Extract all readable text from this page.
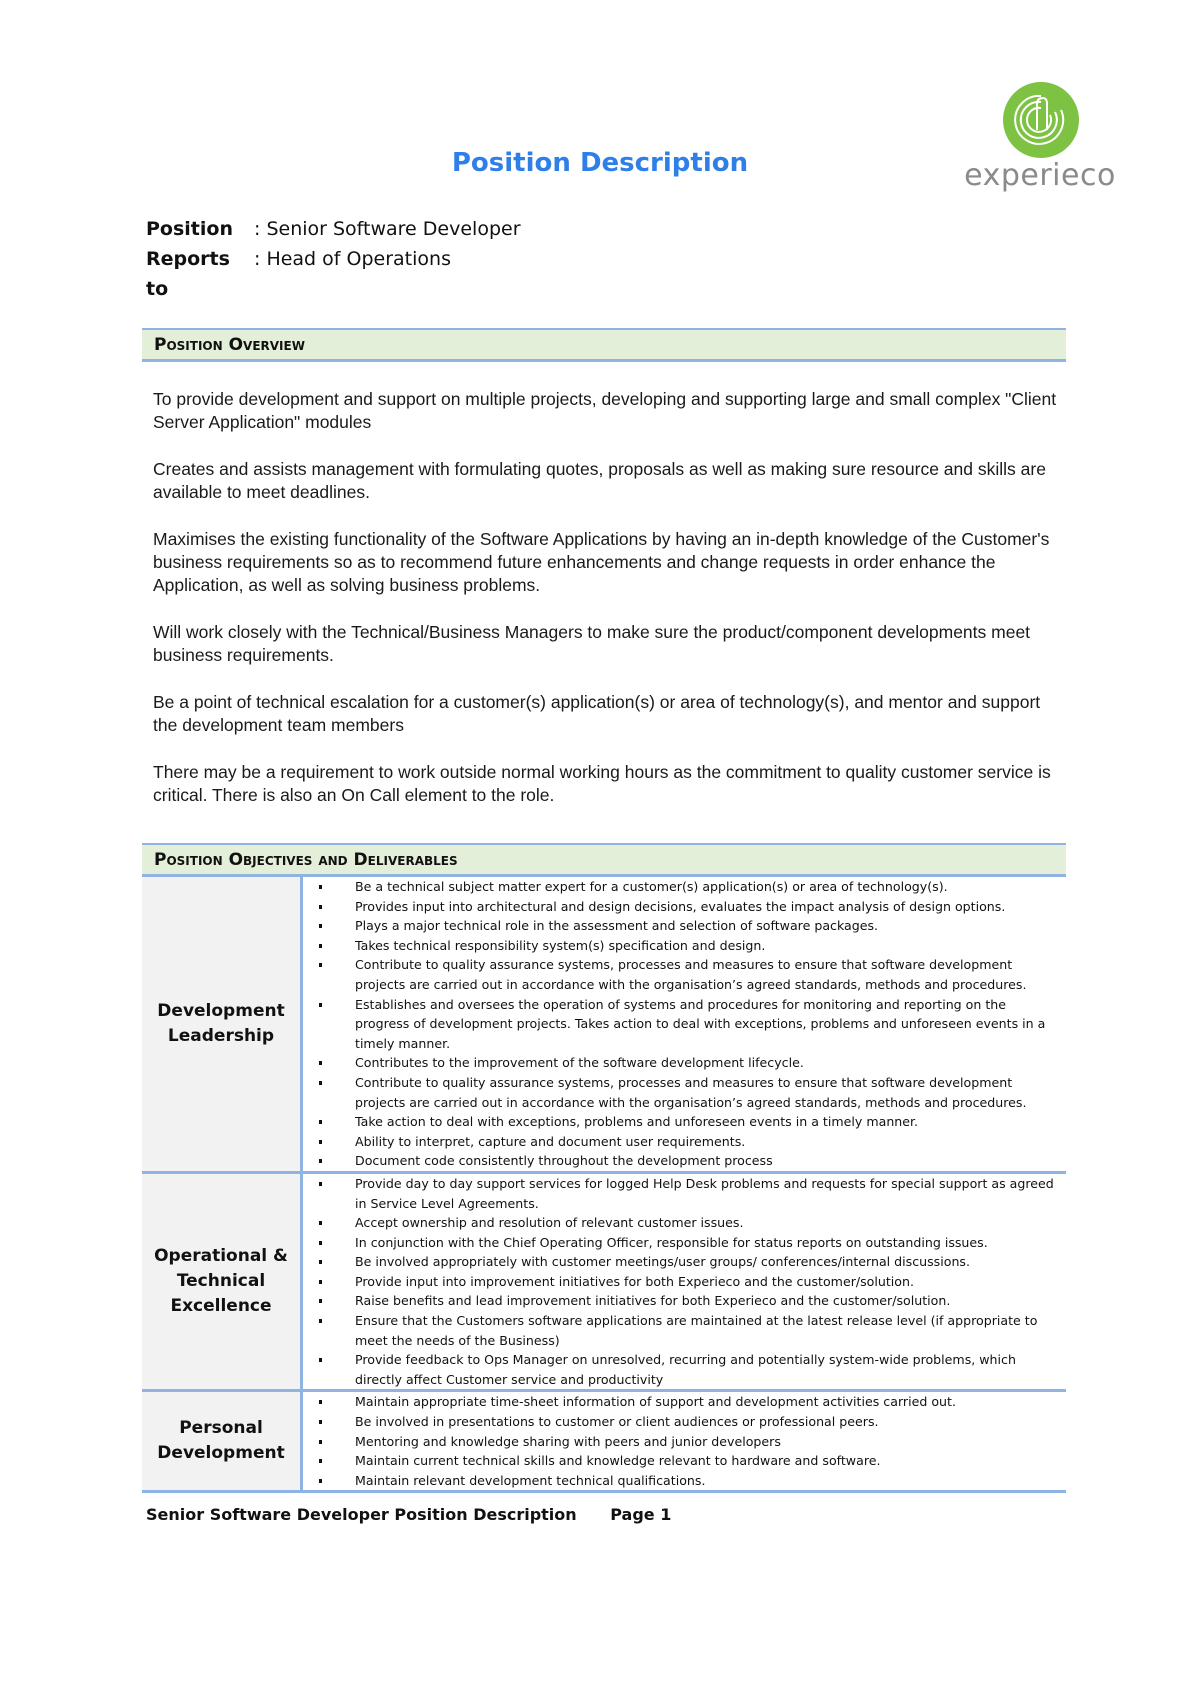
experieco
Position Description
Position	: Senior Software Developer
Reports to
: Head of Operations
Position Overview

To provide development and support on multiple projects, developing and supporting large and small complex "Client Server Application" modules

Creates and assists management with formulating quotes, proposals as well as making sure resource and skills are available to meet deadlines.

Maximises the existing functionality of the Software Applications by having an in-depth knowledge of the Customer's business requirements so as to recommend future enhancements and change requests in order enhance the Application, as well as solving business problems.

Will work closely with the Technical/Business Managers to make sure the product/component developments meet business requirements.

Be a point of technical escalation for a customer(s) application(s) or area of technology(s), and mentor and support the development team members

There may be a requirement to work outside normal working hours as the commitment to quality customer service is critical. There is also an On Call element to the role.

Position Objectives and Deliverables
Development Leadership	
Be a technical subject matter expert for a customer(s) application(s) or area of technology(s).
Provides input into architectural and design decisions, evaluates the impact analysis of design options.
Plays a major technical role in the assessment and selection of software packages.
Takes technical responsibility system(s) specification and design.
Contribute to quality assurance systems, processes and measures to ensure that software development projects are carried out in accordance with the organisation’s agreed standards, methods and procedures.
Establishes and oversees the operation of systems and procedures for monitoring and reporting on the progress of development projects. Takes action to deal with exceptions, problems and unforeseen events in a timely manner.
Contributes to the improvement of the software development lifecycle.
Contribute to quality assurance systems, processes and measures to ensure that software development projects are carried out in accordance with the organisation’s agreed standards, methods and procedures.
Take action to deal with exceptions, problems and unforeseen events in a timely manner.
Ability to interpret, capture and document user requirements.
Document code consistently throughout the development process

Operational & Technical Excellence	
Provide day to day support services for logged Help Desk problems and requests for special support as agreed in Service Level Agreements.
Accept ownership and resolution of relevant customer issues.
In conjunction with the Chief Operating Officer, responsible for status reports on outstanding issues.
Be involved appropriately with customer meetings/user groups/ conferences/internal discussions.
Provide input into improvement initiatives for both Experieco and the customer/solution.
Raise benefits and lead improvement initiatives for both Experieco and the customer/solution.
Ensure that the Customers software applications are maintained at the latest release level (if appropriate to meet the needs of the Business)
Provide feedback to Ops Manager on unresolved, recurring and potentially system-wide problems, which directly affect Customer service and productivity

Personal Development	
Maintain appropriate time-sheet information of support and development activities carried out.
Be involved in presentations to customer or client audiences or professional peers.
Mentoring and knowledge sharing with peers and junior developers
Maintain current technical skills and knowledge relevant to hardware and software.
Maintain relevant development technical qualifications.
Senior Software Developer Position Description Page 1
